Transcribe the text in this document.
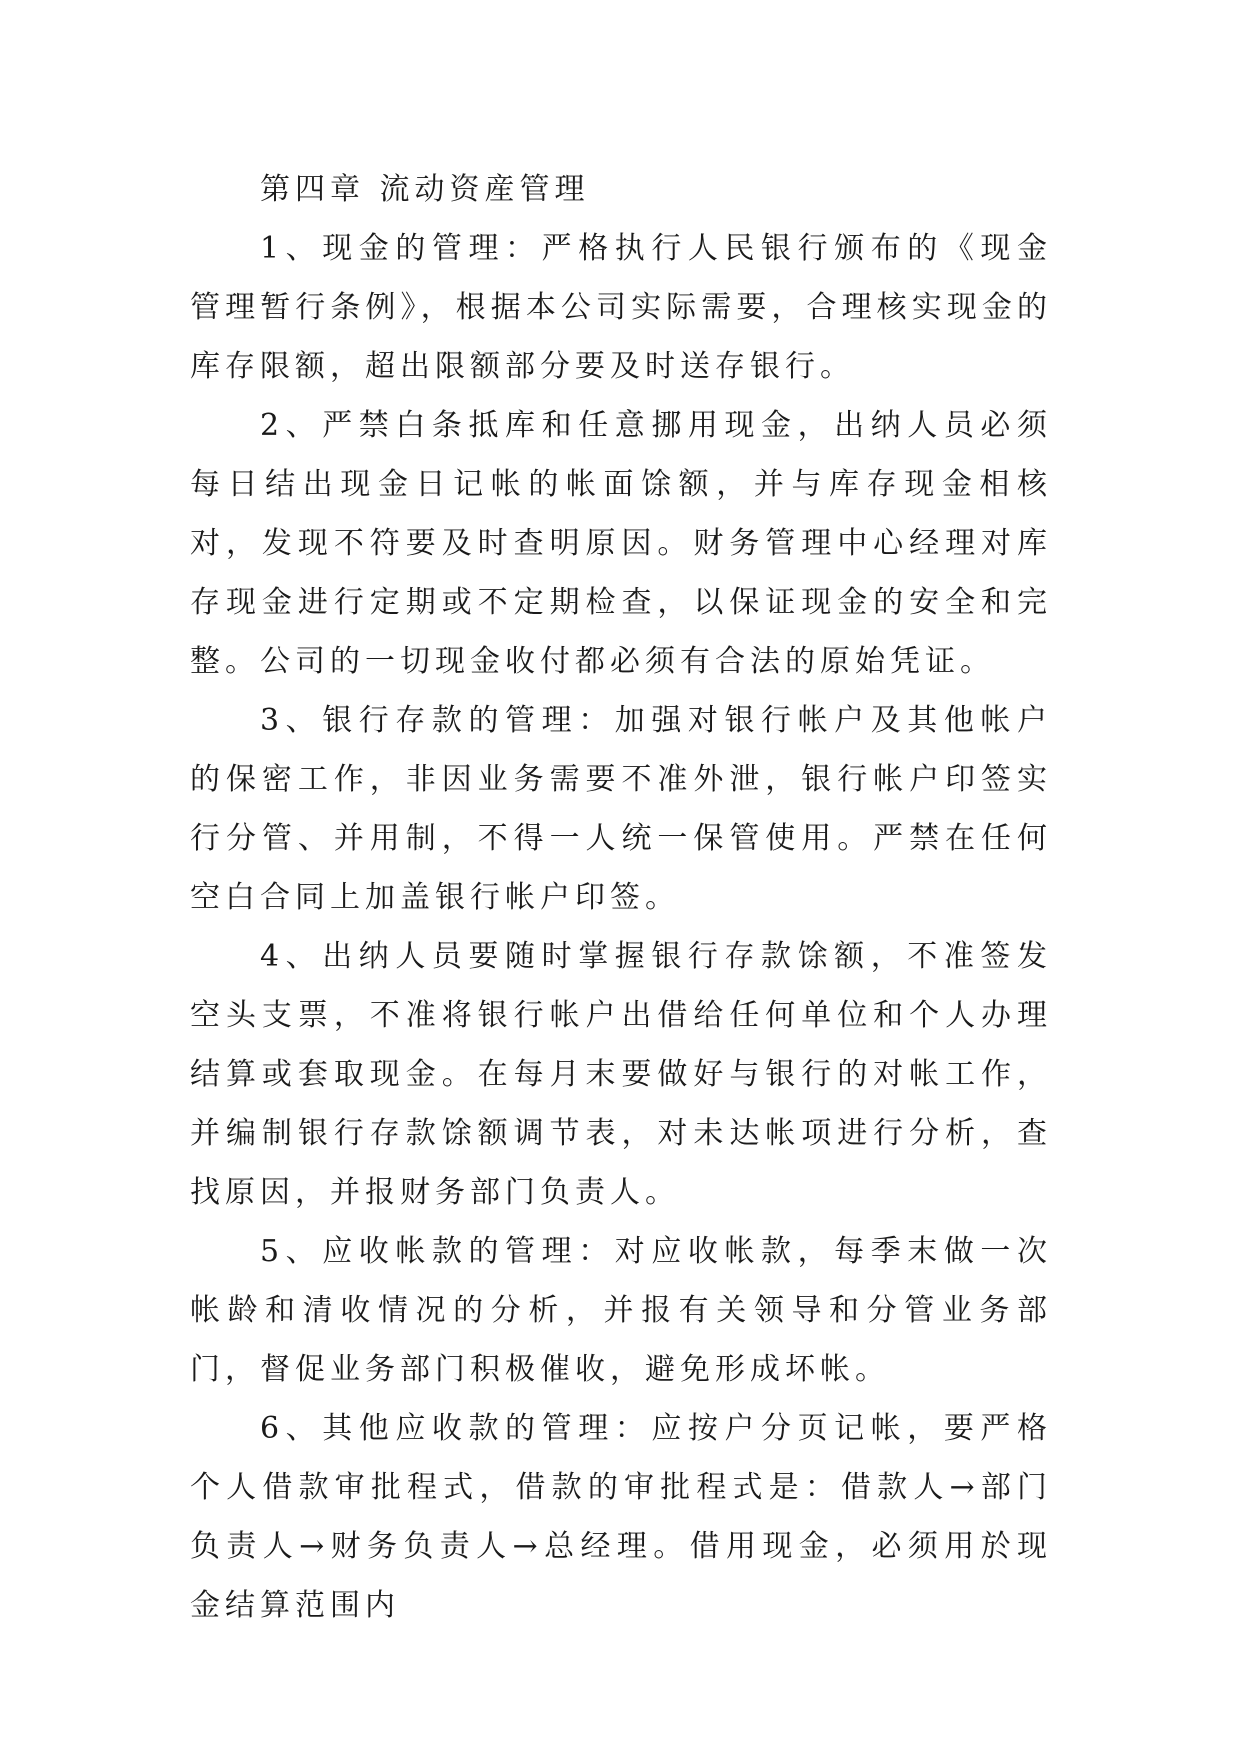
第四章 流动资産管理

1、现金的管理：严格执行人民银行颁布的《现金管理暂行条例》，根据本公司实际需要，合理核实现金的库存限额，超出限额部分要及时送存银行。

2、严禁白条抵库和任意挪用现金，出纳人员必须每日结出现金日记帐的帐面馀额，并与库存现金相核对，发现不符要及时查明原因。财务管理中心经理对库存现金进行定期或不定期检查，以保证现金的安全和完整。公司的一切现金收付都必须有合法的原始凭证。

3、银行存款的管理：加强对银行帐户及其他帐户的保密工作，非因业务需要不准外泄，银行帐户印签实行分管、并用制，不得一人统一保管使用。严禁在任何空白合同上加盖银行帐户印签。

4、出纳人员要随时掌握银行存款馀额，不准签发空头支票，不准将银行帐户出借给任何单位和个人办理结算或套取现金。在每月末要做好与银行的对帐工作，并编制银行存款馀额调节表，对未达帐项进行分析，查找原因，并报财务部门负责人。

5、应收帐款的管理：对应收帐款，每季末做一次帐龄和清收情况的分析，并报有关领导和分管业务部门，督促业务部门积极催收，避免形成坏帐。

6、其他应收款的管理：应按户分页记帐，要严格个人借款审批程式，借款的审批程式是：借款人→部门负责人→财务负责人→总经理。借用现金，必须用於现金结算范围内
